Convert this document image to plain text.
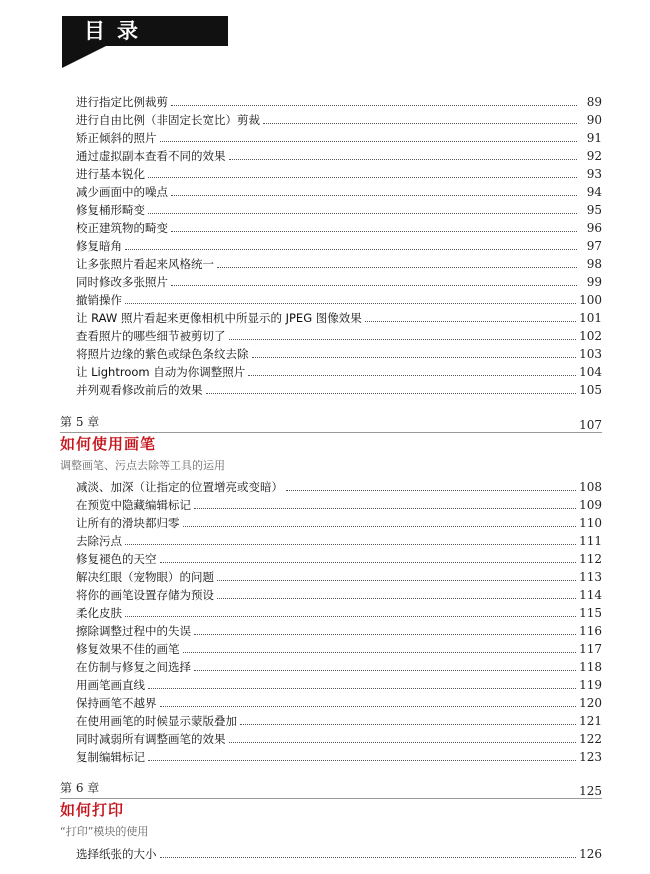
目录
进行指定比例裁剪	89
进行自由比例（非固定长宽比）剪裁	90
矫正倾斜的照片	91
通过虚拟副本查看不同的效果	92
进行基本锐化	93
减少画面中的噪点	94
修复桶形畸变	95
校正建筑物的畸变	96
修复暗角	97
让多张照片看起来风格统一	98
同时修改多张照片	99
撤销操作	100
让 RAW 照片看起来更像相机中所显示的 JPEG 图像效果	101
查看照片的哪些细节被剪切了	102
将照片边缘的紫色或绿色条纹去除	103
让 Lightroom 自动为你调整照片	104
并列观看修改前后的效果	105
第 5 章	107
如何使用画笔
调整画笔、污点去除等工具的运用
减淡、加深（让指定的位置增亮或变暗）	108
在预览中隐藏编辑标记	109
让所有的滑块都归零	110
去除污点	111
修复褪色的天空	112
解决红眼（宠物眼）的问题	113
将你的画笔设置存储为预设	114
柔化皮肤	115
擦除调整过程中的失误	116
修复效果不佳的画笔	117
在仿制与修复之间选择	118
用画笔画直线	119
保持画笔不越界	120
在使用画笔的时候显示蒙版叠加	121
同时减弱所有调整画笔的效果	122
复制编辑标记	123
第 6 章	125
如何打印
“打印”模块的使用
选择纸张的大小	126
